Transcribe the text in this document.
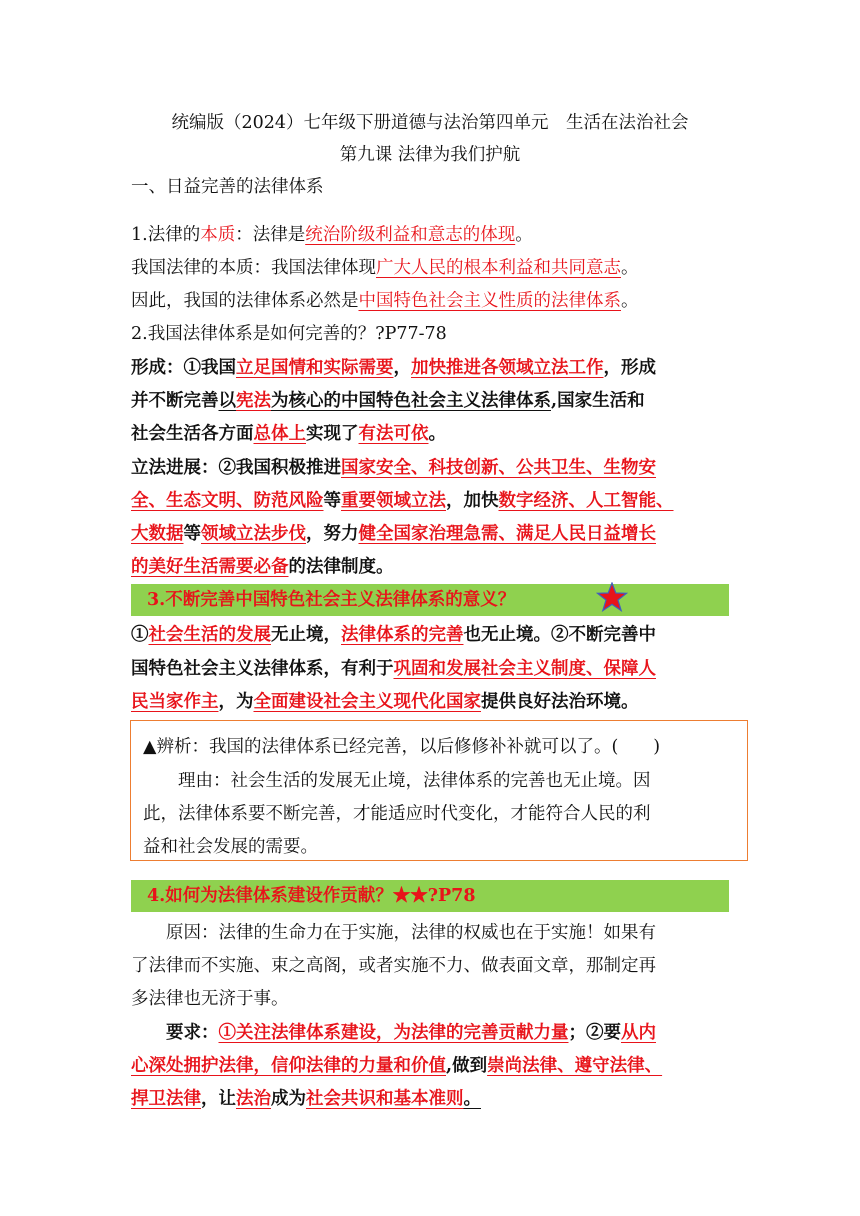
统编版（2024）七年级下册道德与法治第四单元　生活在法治社会
第九课 法律为我们护航
一、日益完善的法律体系
1.法律的本质：法律是统治阶级利益和意志的体现。
我国法律的本质：我国法律体现广大人民的根本利益和共同意志。
因此，我国的法律体系必然是中国特色社会主义性质的法律体系。
2.我国法律体系是如何完善的？?P77-78
形成：①我国立足国情和实际需要，加快推进各领域立法工作，形成
并不断完善以宪法为核心的中国特色社会主义法律体系,国家生活和
社会生活各方面总体上实现了有法可依。
立法进展：②我国积极推进国家安全、科技创新、公共卫生、生物安
全、生态文明、防范风险等重要领域立法，加快数字经济、人工智能、
大数据等领域立法步伐，努力健全国家治理急需、满足人民日益增长
的美好生活需要必备的法律制度。
3.不断完善中国特色社会主义法律体系的意义？
①社会生活的发展无止境，法律体系的完善也无止境。②不断完善中
国特色社会主义法律体系，有利于巩固和发展社会主义制度、保障人
民当家作主，为全面建设社会主义现代化国家提供良好法治环境。
▲辨析：我国的法律体系已经完善，以后修修补补就可以了。(　　)
　　理由：社会生活的发展无止境，法律体系的完善也无止境。因
此，法律体系要不断完善，才能适应时代变化，才能符合人民的利
益和社会发展的需要。
4.如何为法律体系建设作贡献？★★?P78
　　原因：法律的生命力在于实施，法律的权威也在于实施！如果有
了法律而不实施、束之高阁，或者实施不力、做表面文章，那制定再
多法律也无济于事。
　　要求：①关注法律体系建设，为法律的完善贡献力量；②要从内
心深处拥护法律，信仰法律的力量和价值,做到崇尚法律、遵守法律、
捍卫法律，让法治成为社会共识和基本准则。
